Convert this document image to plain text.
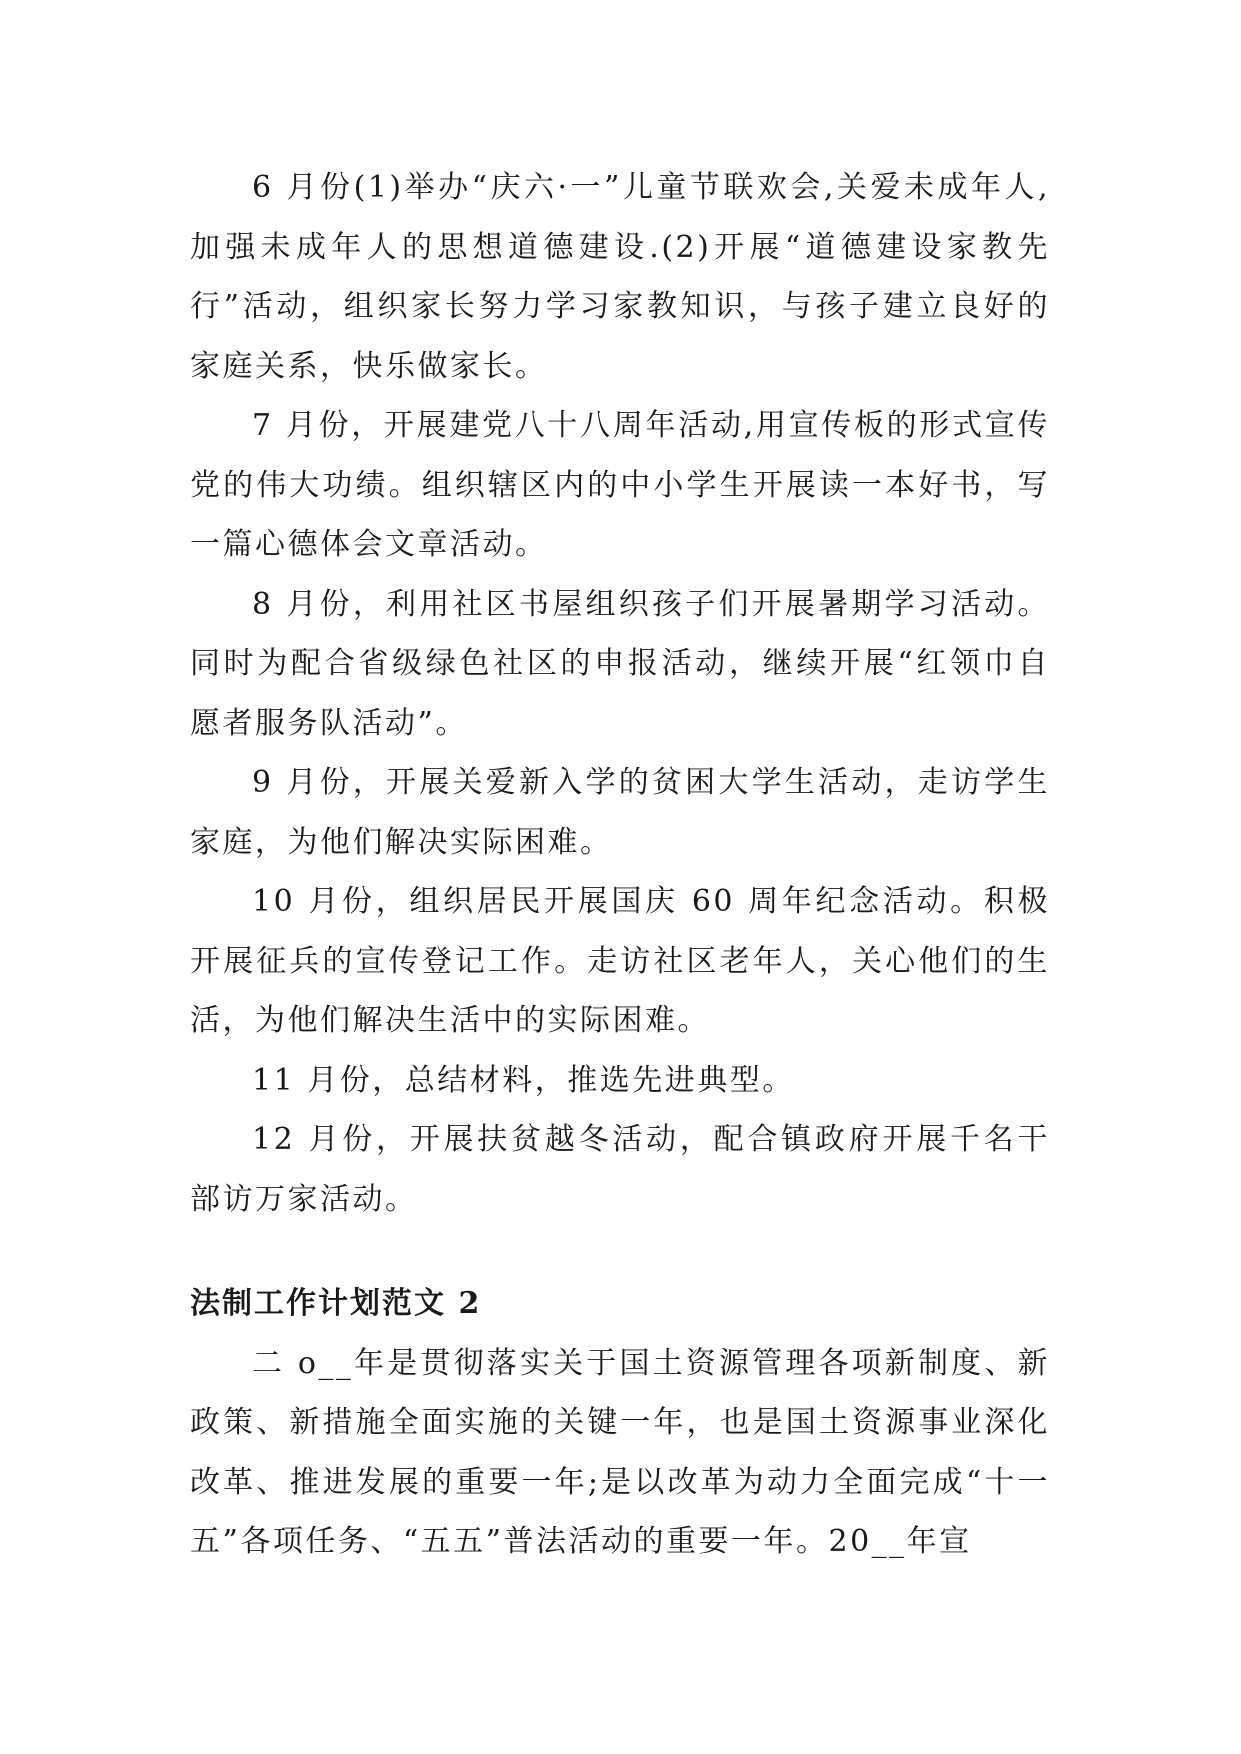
6 月份(1)举办“庆六·一”儿童节联欢会,关爱未成年人,加强未成年人的思想道德建设.(2)开展“道德建设家教先行”活动，组织家长努力学习家教知识，与孩子建立良好的家庭关系，快乐做家长。

7 月份，开展建党八十八周年活动,用宣传板的形式宣传党的伟大功绩。组织辖区内的中小学生开展读一本好书，写一篇心德体会文章活动。

8 月份，利用社区书屋组织孩子们开展暑期学习活动。同时为配合省级绿色社区的申报活动，继续开展“红领巾自愿者服务队活动”。

9 月份，开展关爱新入学的贫困大学生活动，走访学生家庭，为他们解决实际困难。

10 月份，组织居民开展国庆 60 周年纪念活动。积极开展征兵的宣传登记工作。走访社区老年人，关心他们的生活，为他们解决生活中的实际困难。

11 月份，总结材料，推选先进典型。

12 月份，开展扶贫越冬活动，配合镇政府开展千名干部访万家活动。

法制工作计划范文 2

二 o__年是贯彻落实关于国土资源管理各项新制度、新政策、新措施全面实施的关键一年，也是国土资源事业深化改革、推进发展的重要一年;是以改革为动力全面完成“十一五”各项任务、“五五”普法活动的重要一年。20__年宣
